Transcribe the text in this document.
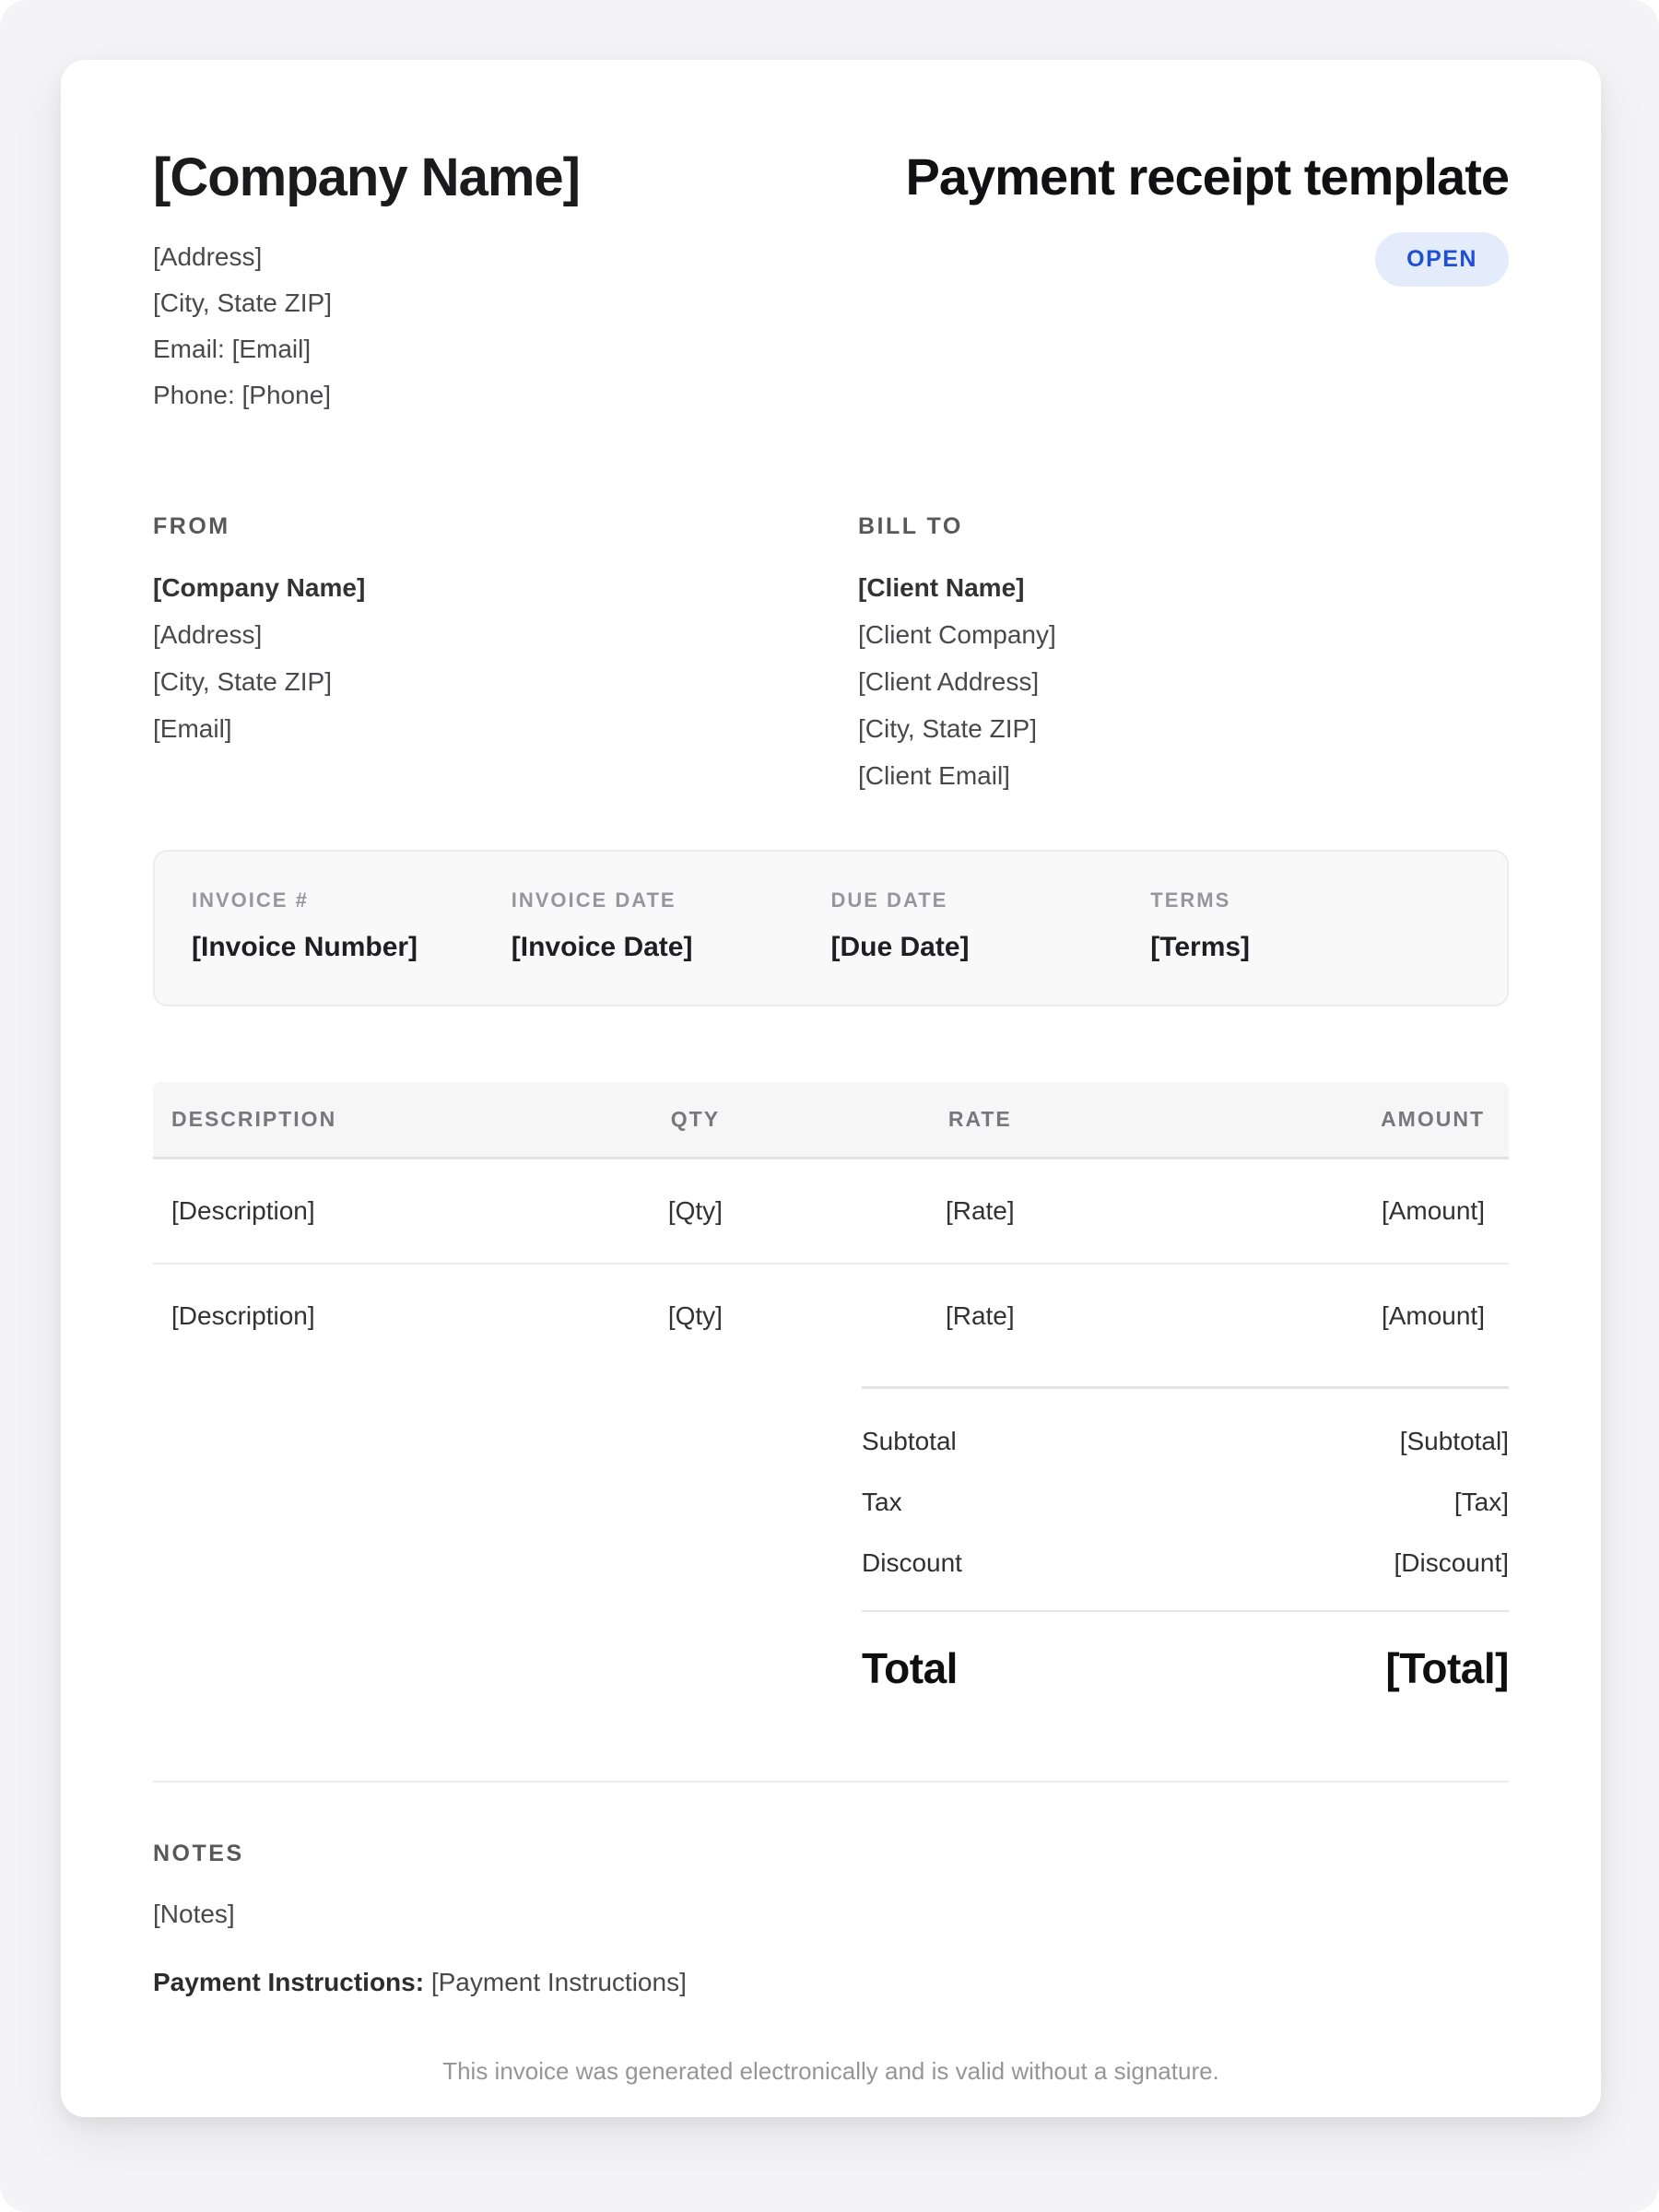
[Company Name]
[Address]
[City, State ZIP]
Email: [Email]
Phone: [Phone]
Payment receipt template
OPEN
FROM
[Company Name]
[Address]
[City, State ZIP]
[Email]
BILL TO
[Client Name]
[Client Company]
[Client Address]
[City, State ZIP]
[Client Email]
INVOICE #
[Invoice Number]
INVOICE DATE
[Invoice Date]
DUE DATE
[Due Date]
TERMS
[Terms]
DESCRIPTION	QTY	RATE	AMOUNT
[Description]	[Qty]	[Rate]	[Amount]
[Description]	[Qty]	[Rate]	[Amount]
Subtotal	[Subtotal]
Tax	[Tax]
Discount	[Discount]
Total	[Total]
NOTES
[Notes]
Payment Instructions: [Payment Instructions]
This invoice was generated electronically and is valid without a signature.
